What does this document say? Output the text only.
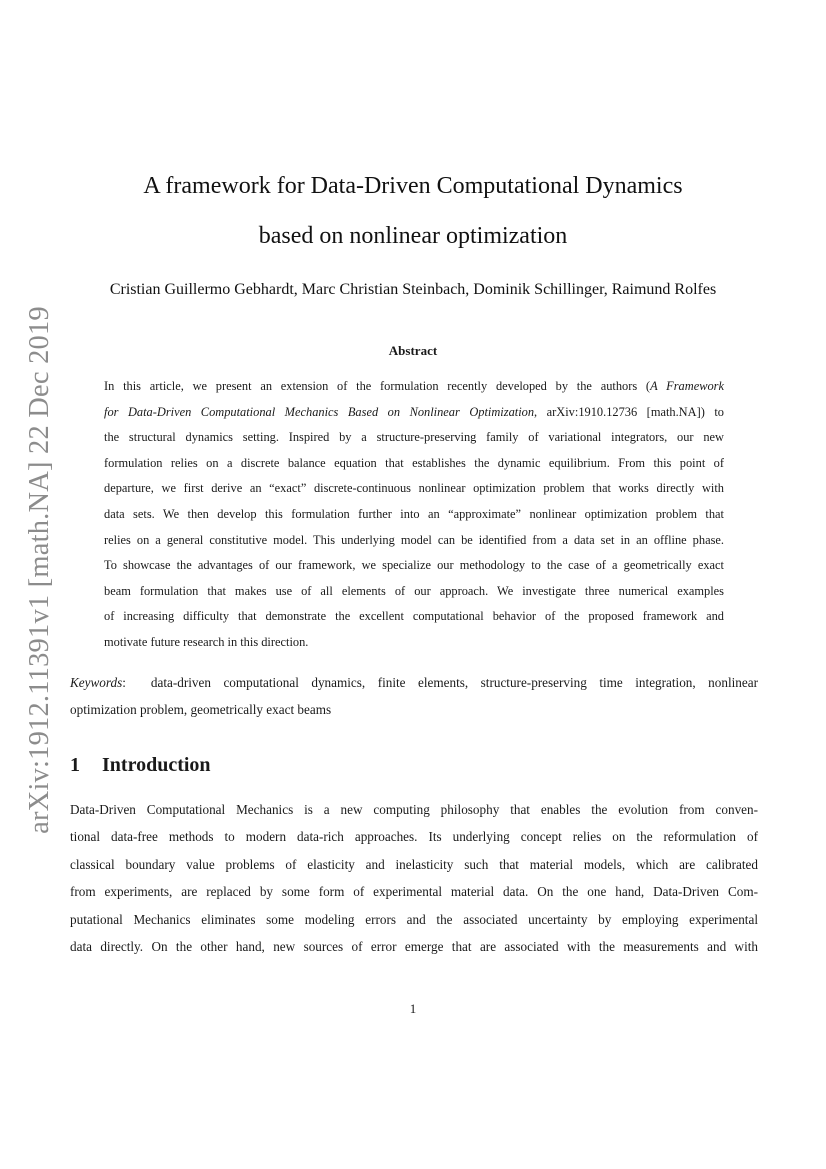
arXiv:1912.11391v1 [math.NA] 22 Dec 2019
A framework for Data-Driven Computational Dynamics
based on nonlinear optimization
Cristian Guillermo Gebhardt, Marc Christian Steinbach, Dominik Schillinger, Raimund Rolfes
Abstract
In this article, we present an extension of the formulation recently developed by the authors (A Framework
for Data-Driven Computational Mechanics Based on Nonlinear Optimization, arXiv:1910.12736 [math.NA]) to
the structural dynamics setting. Inspired by a structure-preserving family of variational integrators, our new
formulation relies on a discrete balance equation that establishes the dynamic equilibrium. From this point of
departure, we first derive an “exact” discrete-continuous nonlinear optimization problem that works directly with
data sets. We then develop this formulation further into an “approximate” nonlinear optimization problem that
relies on a general constitutive model. This underlying model can be identified from a data set in an offline phase.
To showcase the advantages of our framework, we specialize our methodology to the case of a geometrically exact
beam formulation that makes use of all elements of our approach. We investigate three numerical examples
of increasing difficulty that demonstrate the excellent computational behavior of the proposed framework and
motivate future research in this direction.
Keywords:  data-driven computational dynamics, finite elements, structure-preserving time integration, nonlinear
optimization problem, geometrically exact beams
1 Introduction
Data-Driven Computational Mechanics is a new computing philosophy that enables the evolution from conven-
tional data-free methods to modern data-rich approaches. Its underlying concept relies on the reformulation of
classical boundary value problems of elasticity and inelasticity such that material models, which are calibrated
from experiments, are replaced by some form of experimental material data. On the one hand, Data-Driven Com-
putational Mechanics eliminates some modeling errors and the associated uncertainty by employing experimental
data directly. On the other hand, new sources of error emerge that are associated with the measurements and with
1
